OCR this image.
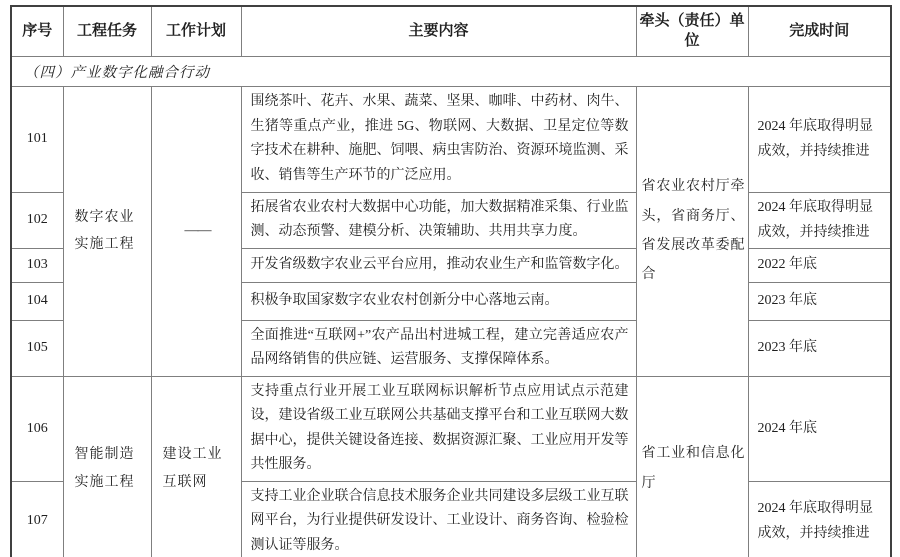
序号	工程任务	工作计划	主要内容	牵头（责任）单位	完成时间
（四）产业数字化融合行动					
101	数字农业实施工程	——	围绕茶叶、花卉、水果、蔬菜、坚果、咖啡、中药材、肉牛、生猪等重点产业，推进 5G、物联网、大数据、卫星定位等数字技术在耕种、施肥、饲喂、病虫害防治、资源环境监测、采收、销售等生产环节的广泛应用。	省农业农村厅牵头，省商务厅、省发展改革委配合	2024 年底取得明显成效，并持续推进
102			拓展省农业农村大数据中心功能，加大数据精准采集、行业监测、动态预警、建模分析、决策辅助、共用共享力度。		2024 年底取得明显成效，并持续推进
103			开发省级数字农业云平台应用，推动农业生产和监管数字化。		2022 年底
104			积极争取国家数字农业农村创新分中心落地云南。		2023 年底
105			全面推进“互联网+”农产品出村进城工程，建立完善适应农产品网络销售的供应链、运营服务、支撑保障体系。		2023 年底
106	智能制造实施工程	建设工业互联网	支持重点行业开展工业互联网标识解析节点应用试点示范建设，建设省级工业互联网公共基础支撑平台和工业互联网大数据中心，提供关键设备连接、数据资源汇聚、工业应用开发等共性服务。	省工业和信息化厅	2024 年底
107			支持工业企业联合信息技术服务企业共同建设多层级工业互联网平台，为行业提供研发设计、工业设计、商务咨询、检验检测认证等服务。		2024 年底取得明显成效，并持续推进
